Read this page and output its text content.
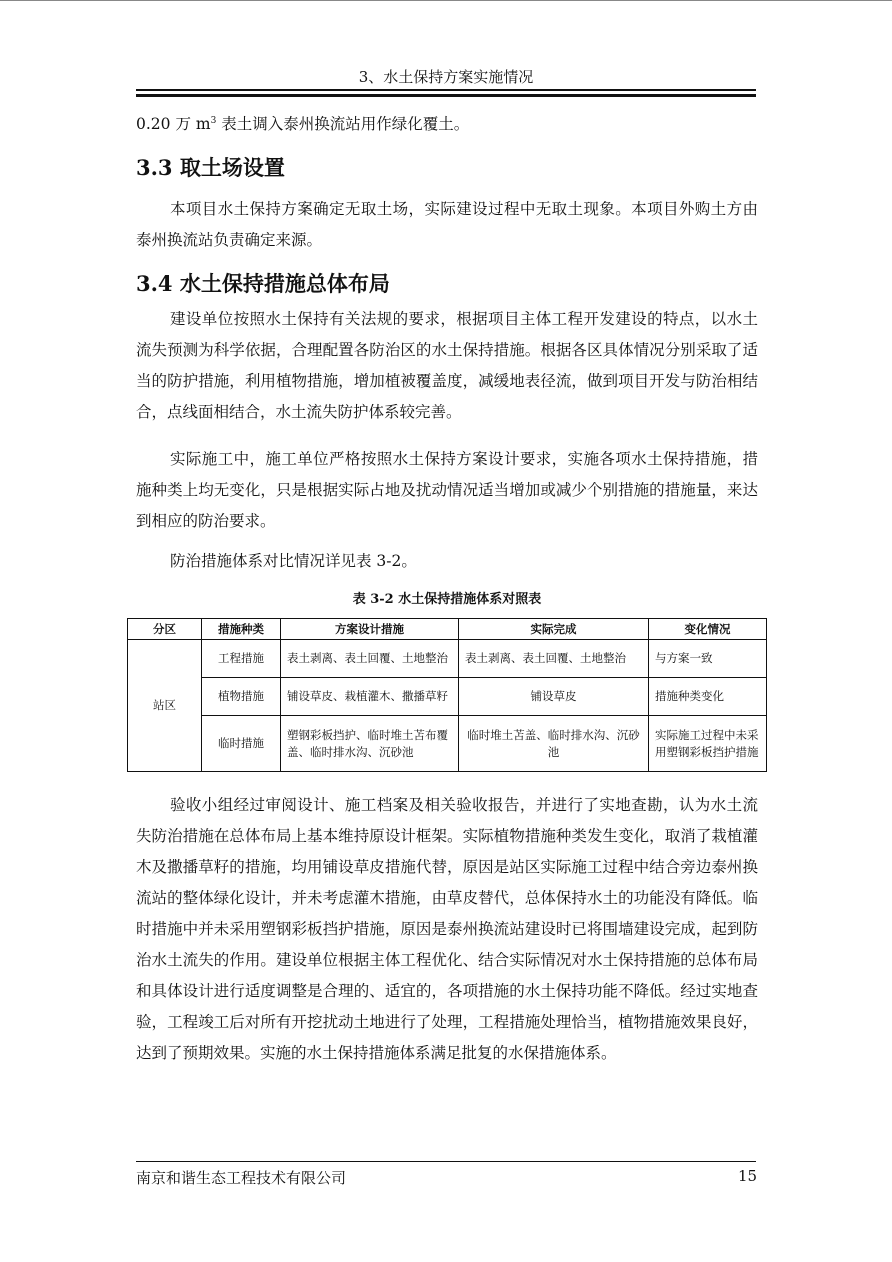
3、水土保持方案实施情况

0.20 万 $m^3$ 表土调入泰州换流站用作绿化覆土。

3.3 取土场设置

本项目水土保持方案确定无取土场，实际建设过程中无取土现象。本项目外购土方由泰州换流站负责确定来源。

3.4 水土保持措施总体布局

建设单位按照水土保持有关法规的要求，根据项目主体工程开发建设的特点，以水土流失预测为科学依据，合理配置各防治区的水土保持措施。根据各区具体情况分别采取了适当的防护措施，利用植物措施，增加植被覆盖度，减缓地表径流，做到项目开发与防治相结合，点线面相结合，水土流失防护体系较完善。

实际施工中，施工单位严格按照水土保持方案设计要求，实施各项水土保持措施，措施种类上均无变化，只是根据实际占地及扰动情况适当增加或减少个别措施的措施量，来达到相应的防治要求。

防治措施体系对比情况详见表 3-2。

表 3-2 水土保持措施体系对照表
分区	措施种类	方案设计措施	实际完成	变化情况
站区	工程措施	表土剥离、表土回覆、土地整治	表土剥离、表土回覆、土地整治	与方案一致
	植物措施	铺设草皮、栽植灌木、撒播草籽	铺设草皮	措施种类变化
	临时措施	塑钢彩板挡护、临时堆土苫布覆盖、临时排水沟、沉砂池	临时堆土苫盖、临时排水沟、沉砂池	实际施工过程中未采用塑钢彩板挡护措施

验收小组经过审阅设计、施工档案及相关验收报告，并进行了实地查勘，认为水土流失防治措施在总体布局上基本维持原设计框架。实际植物措施种类发生变化，取消了栽植灌木及撒播草籽的措施，均用铺设草皮措施代替，原因是站区实际施工过程中结合旁边泰州换流站的整体绿化设计，并未考虑灌木措施，由草皮替代，总体保持水土的功能没有降低。临时措施中并未采用塑钢彩板挡护措施，原因是泰州换流站建设时已将围墙建设完成，起到防治水土流失的作用。建设单位根据主体工程优化、结合实际情况对水土保持措施的总体布局和具体设计进行适度调整是合理的、适宜的，各项措施的水土保持功能不降低。经过实地查验，工程竣工后对所有开挖扰动土地进行了处理，工程措施处理恰当，植物措施效果良好，达到了预期效果。实施的水土保持措施体系满足批复的水保措施体系。

南京和谐生态工程技术有限公司	15
